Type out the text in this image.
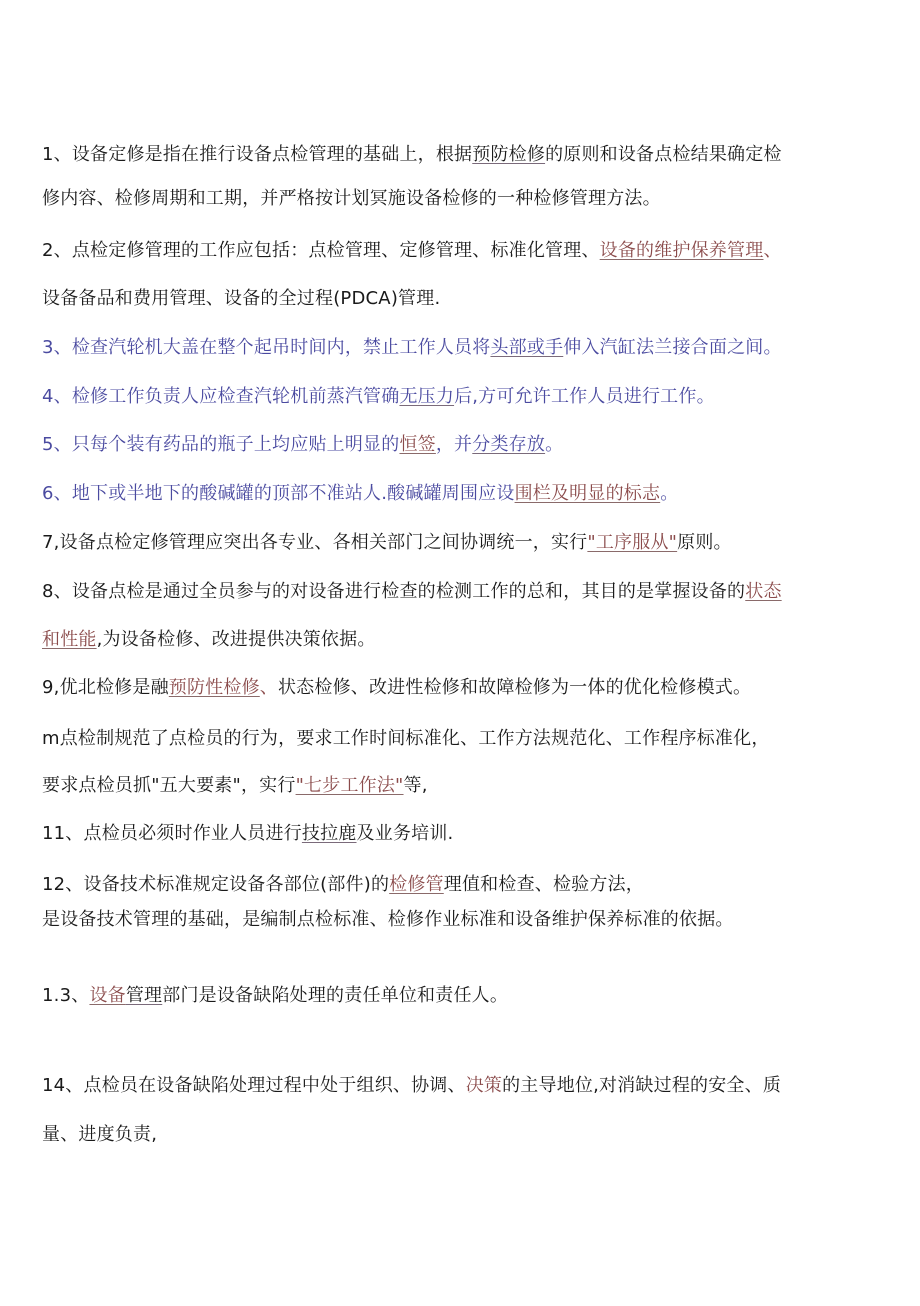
1、设备定修是指在推行设备点检管理的基础上，根据预防检修的原则和设备点检结果确定检
修内容、检修周期和工期，并严格按计划冥施设备检修的一种检修管理方法。
2、点检定修管理的工作应包括：点检管理、定修管理、标准化管理、设备的维护保养管理、
设备备品和费用管理、设备的全过程(PDCA)管理.
3、检查汽轮机大盖在整个起吊时间内，禁止工作人员将头部或手伸入汽缸法兰接合面之间。
4、检修工作负责人应检查汽轮机前蒸汽管确无压力后,方可允许工作人员进行工作。
5、只每个装有药品的瓶子上均应贴上明显的恒签，并分类存放。
6、地下或半地下的酸碱罐的顶部不准站人.酸碱罐周围应设围栏及明显的标志。
7,设备点检定修管理应突出各专业、各相关部门之间协调统一，实行"工序服从"原则。
8、设备点检是通过全员参与的对设备进行检查的检测工作的总和，其目的是掌握设备的状态
和性能,为设备检修、改进提供决策依据。
9,优北检修是融预防性检修、状态检修、改进性检修和故障检修为一体的优化检修模式。
m点检制规范了点检员的行为，要求工作时间标准化、工作方法规范化、工作程序标准化，
要求点检员抓"五大要素"，实行"七步工作法"等,
11、点检员必须时作业人员进行技拉鹿及业务培训.
12、设备技术标准规定设备各部位(部件)的检修管理值和检查、检验方法，
是设备技术管理的基础，是编制点检标准、检修作业标准和设备维护保养标准的依据。
1.3、设备管理部门是设备缺陷处理的责任单位和责任人。
14、点检员在设备缺陷处理过程中处于组织、协调、决策的主导地位,对消缺过程的安全、质
量、进度负责,
